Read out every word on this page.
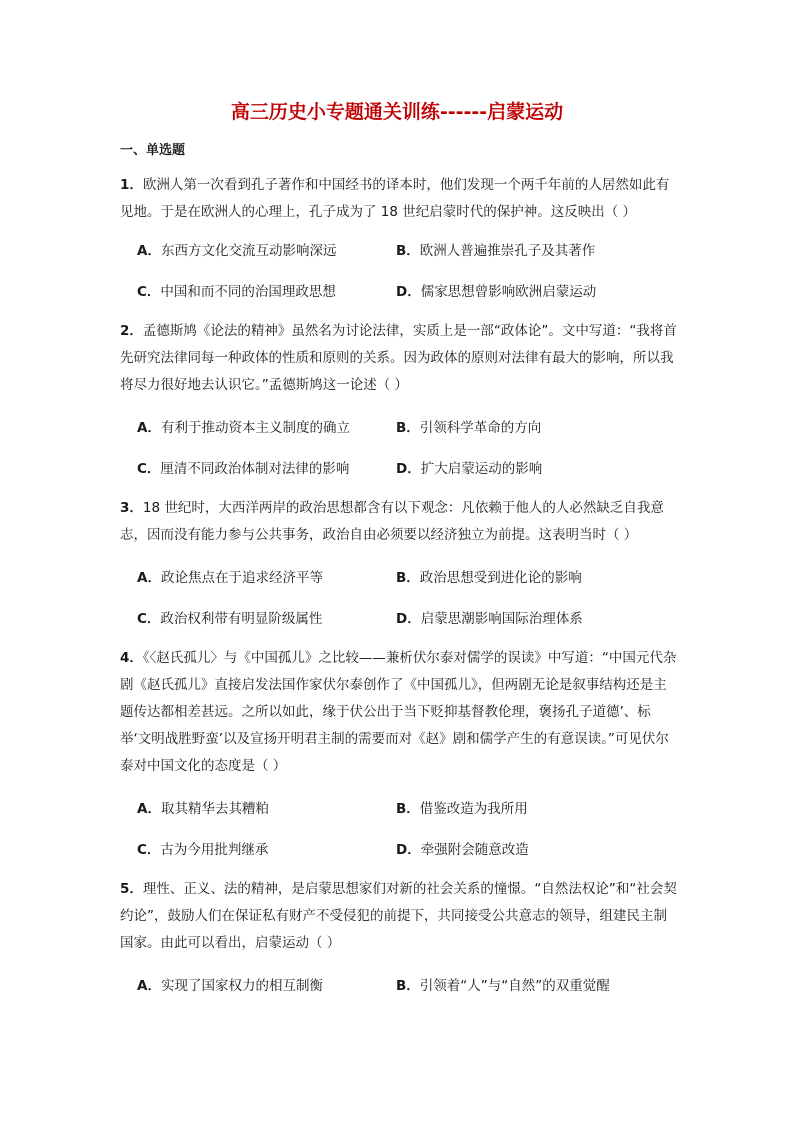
高三历史小专题通关训练------启蒙运动
一、单选题

1．欧洲人第一次看到孔子著作和中国经书的译本时，他们发现一个两千年前的人居然如此有见地。于是在欧洲人的心理上，孔子成为了 18 世纪启蒙时代的保护神。这反映出（ ）

A．东西方文化交流互动影响深远	B．欧洲人普遍推崇孔子及其著作
C．中国和而不同的治国理政思想	D．儒家思想曾影响欧洲启蒙运动

2．孟德斯鸠《论法的精神》虽然名为讨论法律，实质上是一部“政体论”。文中写道：“我将首先研究法律同每一种政体的性质和原则的关系。因为政体的原则对法律有最大的影响，所以我将尽力很好地去认识它。”孟德斯鸠这一论述（ ）

A．有利于推动资本主义制度的确立	B．引领科学革命的方向
C．厘清不同政治体制对法律的影响	D．扩大启蒙运动的影响

3．18 世纪时，大西洋两岸的政治思想都含有以下观念：凡依赖于他人的人必然缺乏自我意志，因而没有能力参与公共事务，政治自由必须要以经济独立为前提。这表明当时（ ）

A．政论焦点在于追求经济平等	B．政治思想受到进化论的影响
C．政治权利带有明显阶级属性	D．启蒙思潮影响国际治理体系

4．《〈赵氏孤儿〉与《中国孤儿》之比较——兼析伏尔泰对儒学的误读》中写道：“中国元代杂剧《赵氏孤儿》直接启发法国作家伏尔泰创作了《中国孤儿》，但两剧无论是叙事结构还是主题传达都相差甚远。之所以如此，缘于伏公出于当下贬抑基督教伦理，褒扬孔子道德’、标举‘文明战胜野蛮’以及宣扬开明君主制的需要而对《赵》剧和儒学产生的有意误读。”可见伏尔泰对中国文化的态度是（ ）

A．取其精华去其糟粕	B．借鉴改造为我所用
C．古为今用批判继承	D．牵强附会随意改造

5．理性、正义、法的精神，是启蒙思想家们对新的社会关系的憧憬。“自然法权论”和“社会契约论”，鼓励人们在保证私有财产不受侵犯的前提下，共同接受公共意志的领导，组建民主制国家。由此可以看出，启蒙运动（ ）

A．实现了国家权力的相互制衡	B．引领着“人”与“自然”的双重觉醒
